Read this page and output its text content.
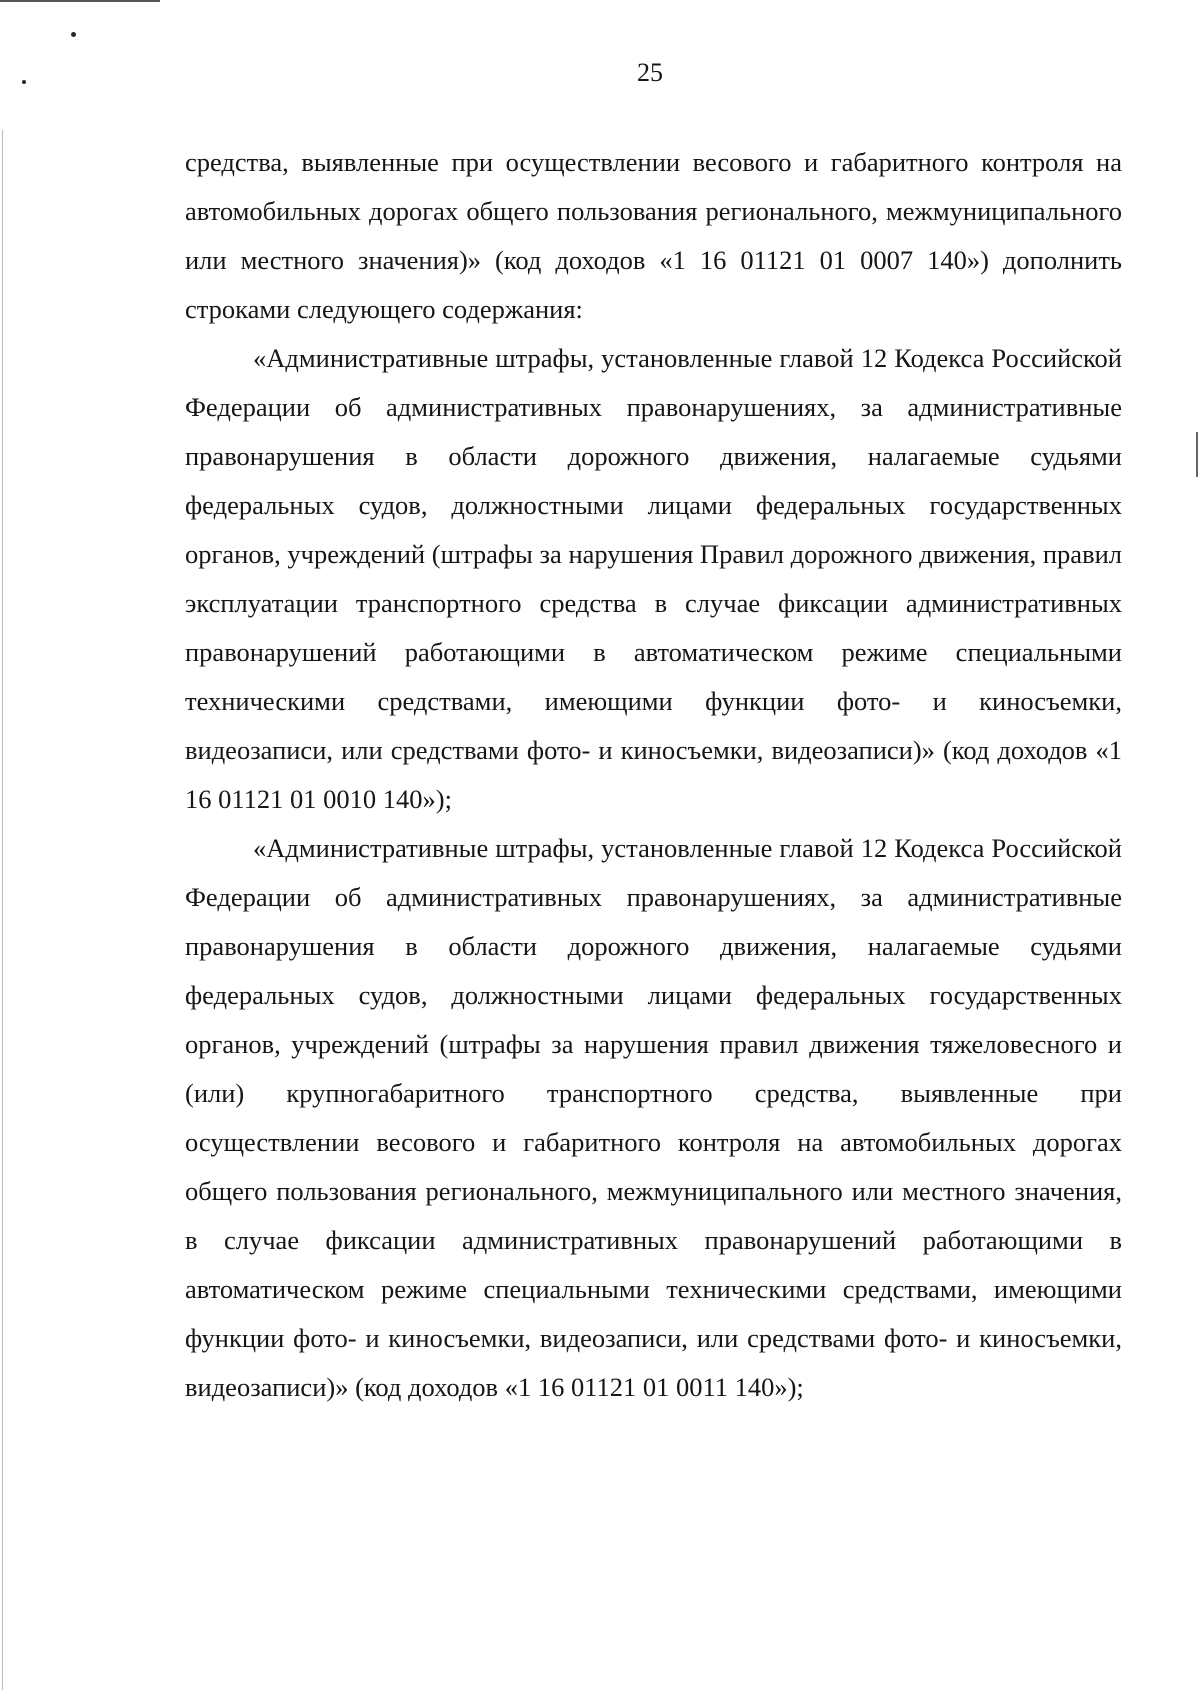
25

средства, выявленные при осуществлении весового и габаритного контроля на автомобильных дорогах общего пользования регионального, межмуниципального или местного значения)» (код доходов «1 16 01121 01 0007 140») дополнить строками следующего содержания:

«Административные штрафы, установленные главой 12 Кодекса Российской Федерации об административных правонарушениях, за административные правонарушения в области дорожного движения, налагаемые судьями федеральных судов, должностными лицами федеральных государственных органов, учреждений (штрафы за нарушения Правил дорожного движения, правил эксплуатации транспортного средства в случае фиксации административных правонарушений работающими в автоматическом режиме специальными техническими средствами, имеющими функции фото- и киносъемки, видеозаписи, или средствами фото- и киносъемки, видеозаписи)» (код доходов «1 16 01121 01 0010 140»);

«Административные штрафы, установленные главой 12 Кодекса Российской Федерации об административных правонарушениях, за административные правонарушения в области дорожного движения, налагаемые судьями федеральных судов, должностными лицами федеральных государственных органов, учреждений (штрафы за нарушения правил движения тяжеловесного и (или) крупногабаритного транспортного средства, выявленные при осуществлении весового и габаритного контроля на автомобильных дорогах общего пользования регионального, межмуниципального или местного значения, в случае фиксации административных правонарушений работающими в автоматическом режиме специальными техническими средствами, имеющими функции фото- и киносъемки, видеозаписи, или средствами фото- и киносъемки, видеозаписи)» (код доходов «1 16 01121 01 0011 140»);
